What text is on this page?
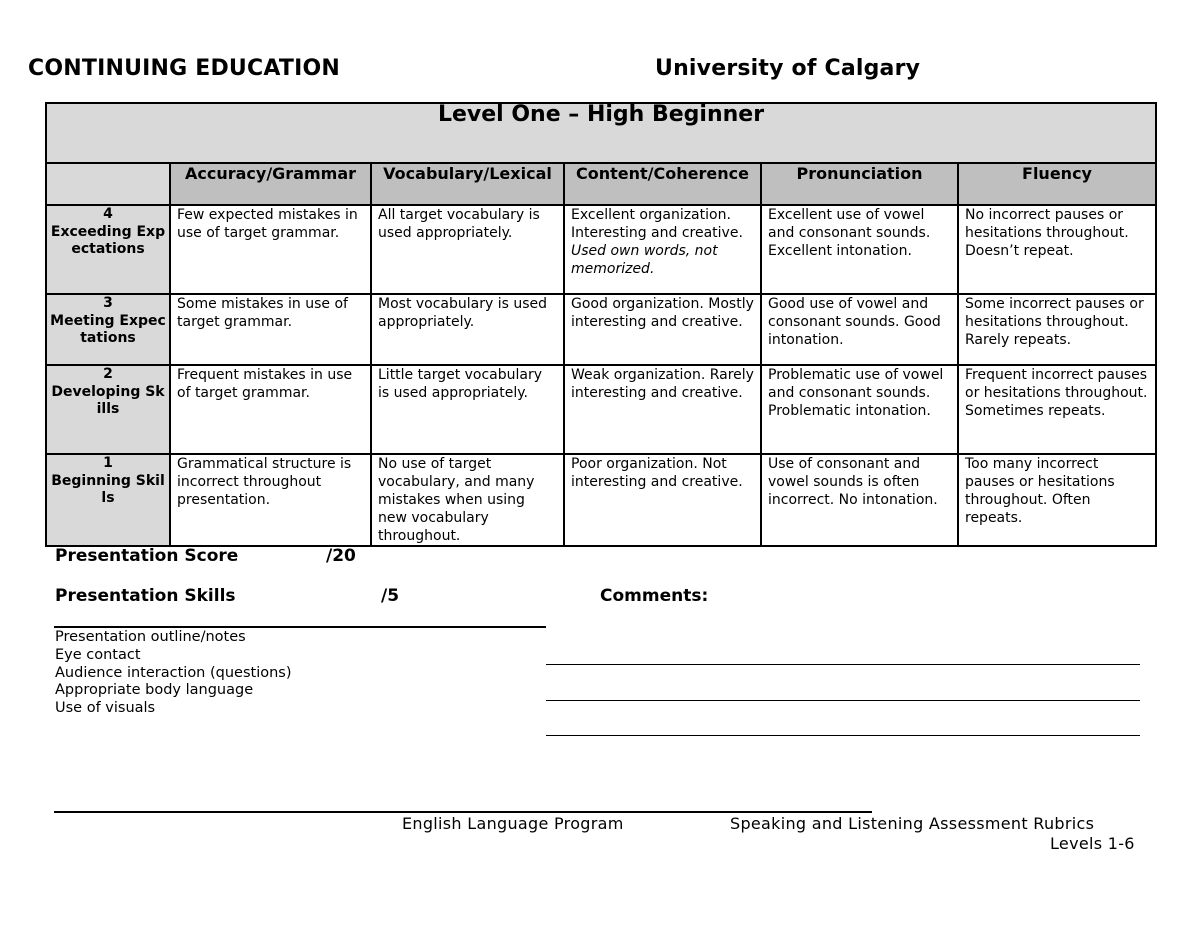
CONTINUING EDUCATION	University of Calgary
Level One – High Beginner					

	Accuracy/Grammar	Vocabulary/Lexical	Content/Coherence	Pronunciation	Fluency

4
Exceeding Expectations	Few expected mistakes in use of target grammar.	All target vocabulary is used appropriately.	Excellent organization. Interesting and creative. Used own words, not memorized.	Excellent use of vowel and consonant sounds. Excellent intonation.	No incorrect pauses or hesitations throughout. Doesn’t repeat.

3
Meeting Expectations	Some mistakes in use of target grammar.	Most vocabulary is used appropriately.	Good organization. Mostly interesting and creative.	Good use of vowel and consonant sounds. Good intonation.	Some incorrect pauses or hesitations throughout. Rarely repeats.

2
Developing Skills	Frequent mistakes in use of target grammar.	Little target vocabulary is used appropriately.	Weak organization. Rarely interesting and creative.	Problematic use of vowel and consonant sounds. Problematic intonation.	Frequent incorrect pauses or hesitations throughout. Sometimes repeats.

1
Beginning Skills	Grammatical structure is incorrect throughout presentation.	No use of target vocabulary, and many mistakes when using new vocabulary throughout.	Poor organization. Not interesting and creative.	Use of consonant and vowel sounds is often incorrect. No intonation.	Too many incorrect pauses or hesitations throughout. Often repeats.
Presentation Score	/20
Presentation Skills	/5	Comments:
Presentation outline/notes
Eye contact
Audience interaction (questions)
Appropriate body language
Use of visuals
English Language Program	Speaking and Listening Assessment Rubrics
Levels 1-6
